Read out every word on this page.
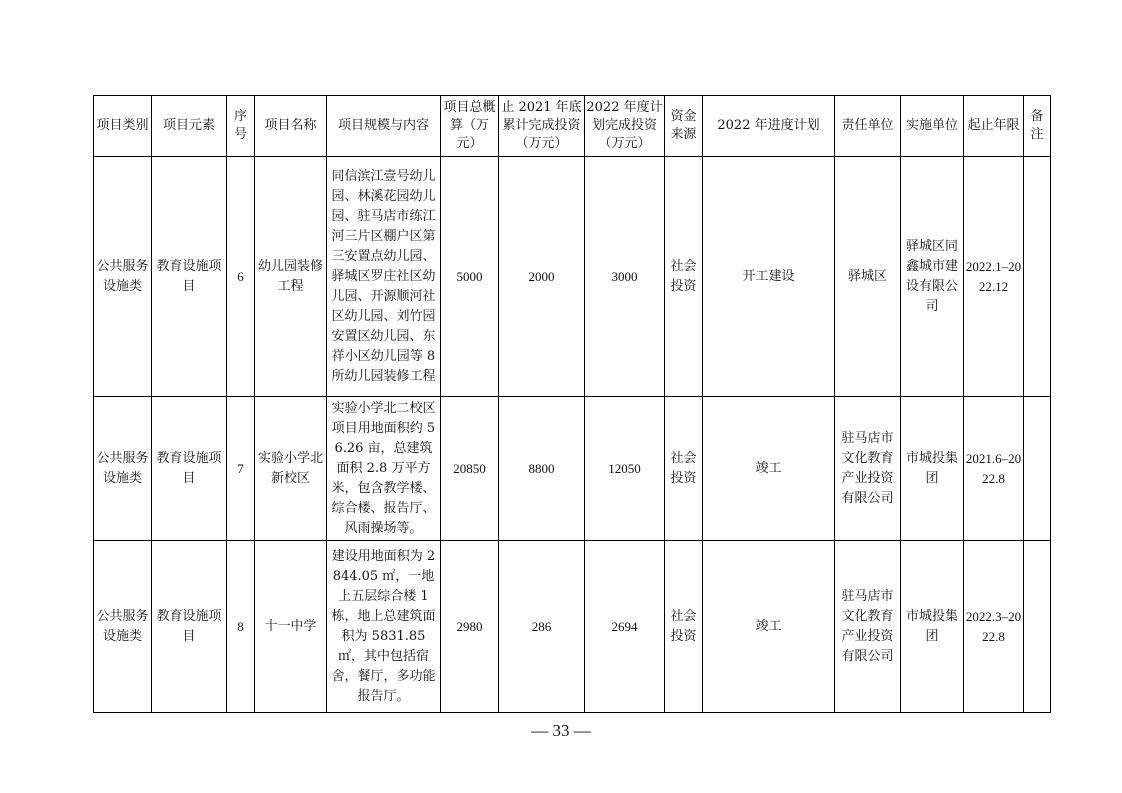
项目类别	项目元素	序号	项目名称	项目规模与内容	项目总概算（万元）	止 2021 年底累计完成投资（万元）	2022 年度计划完成投资（万元）	资金来源	2022 年进度计划	责任单位	实施单位	起止年限	备注
公共服务设施类	教育设施项目	6	幼儿园装修工程	同信滨江壹号幼儿园、林溪花园幼儿园、驻马店市练江河三片区棚户区第三安置点幼儿园、驿城区罗庄社区幼儿园、开源顺河社区幼儿园、刘竹园安置区幼儿园、东祥小区幼儿园等 8 所幼儿园装修工程	5000	2000	3000	社会投资	开工建设	驿城区	驿城区同鑫城市建设有限公司	2022.1–2022.12	
公共服务设施类	教育设施项目	7	实验小学北新校区	实验小学北二校区项目用地面积约 56.26 亩，总建筑面积 2.8 万平方米，包含教学楼、综合楼、报告厅、风雨操场等。	20850	8800	12050	社会投资	竣工	驻马店市文化教育产业投资有限公司	市城投集团	2021.6–2022.8	
公共服务设施类	教育设施项目	8	十一中学	建设用地面积为 2844.05 ㎡，一地上五层综合楼 1 栋，地上总建筑面积为 5831.85 ㎡，其中包括宿舍，餐厅，多功能报告厅。	2980	286	2694	社会投资	竣工	驻马店市文化教育产业投资有限公司	市城投集团	2022.3–2022.8	
— 33 —
